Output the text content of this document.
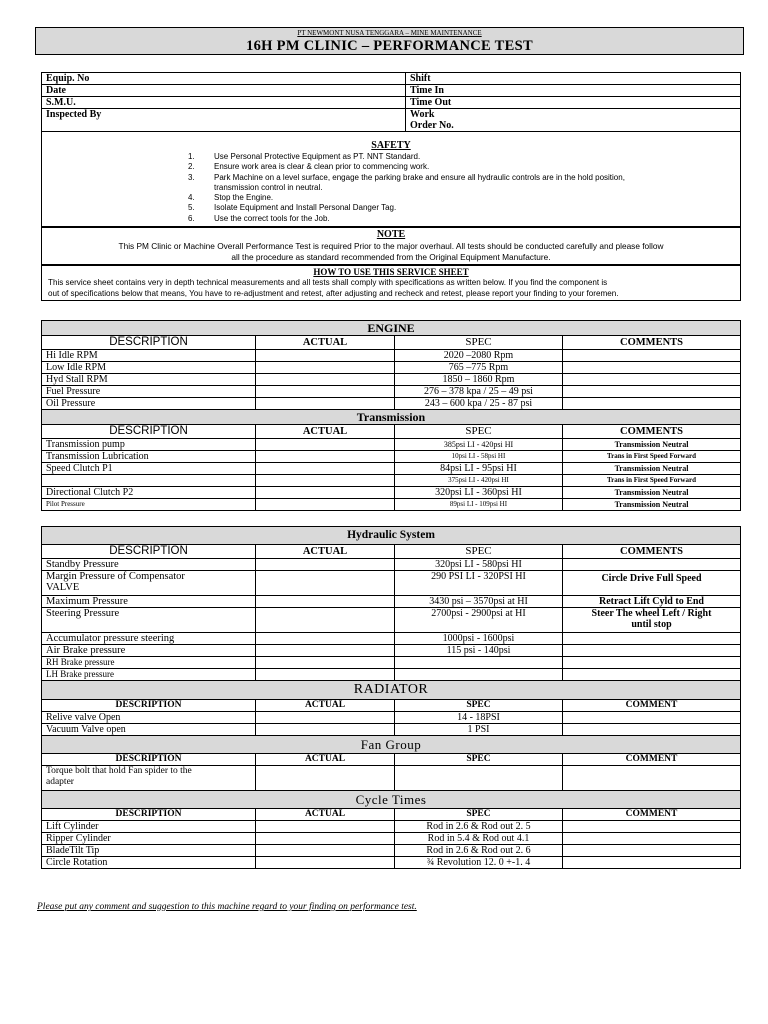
PT NEWMONT NUSA TENGGARA – MINE MAINTENANCE
16H PM CLINIC – PERFORMANCE TEST
Equip. No	Shift
Date	Time In
S.M.U.	Time Out
Inspected By	Work Order No.
SAFETY
1.	Use Personal Protective Equipment as PT. NNT Standard.
2.	Ensure work area is clear & clean prior to commencing work.
3.	Park Machine on a level surface, engage the parking brake and ensure all hydraulic controls are in the hold position,
transmission control in neutral.
4.	Stop the Engine.
5.	Isolate Equipment and Install Personal Danger Tag.
6.	Use the correct tools for the Job.
NOTE
This PM Clinic or Machine Overall Performance Test is required Prior to the major overhaul. All tests should be conducted carefully and please follow
all the procedure as standard recommended from the Original Equipment Manufacture.
HOW TO USE THIS SERVICE SHEET
This service sheet contains very in depth technical measurements and all tests shall comply with specifications as written below. If you find the component is
out of specifications below that means, You have to re-adjustment and retest, after adjusting and recheck and retest, please report your finding to your foremen.
ENGINE			
DESCRIPTION	ACTUAL	SPEC	COMMENTS
Hi Idle RPM		2020 –2080 Rpm	
Low Idle RPM		765 –775 Rpm	
Hyd Stall RPM		1850 – 1860 Rpm	
Fuel Pressure		276 – 378 kpa / 25 – 49 psi	
Oil Pressure		243 – 600 kpa / 25 - 87 psi	
Transmission			
DESCRIPTION	ACTUAL	SPEC	COMMENTS
Transmission pump		385psi LI - 420psi HI	Transmission Neutral
Transmission Lubrication		10psi LI - 58psi HI	Trans in First Speed Forward
Speed Clutch P1		84psi LI - 95psi HI	Transmission Neutral
		375psi LI - 420psi HI	Trans in First Speed Forward
Directional Clutch P2		320psi LI - 360psi HI	Transmission Neutral
Pilot Pressure		89psi LI - 109psi HI	Transmission Neutral
Hydraulic System			
DESCRIPTION	ACTUAL	SPEC	COMMENTS
Standby Pressure		320psi LI - 580psi HI	

Margin Pressure of Compensator
VALVE		290 PSI LI - 320PSI HI	Circle Drive Full Speed
Maximum Pressure		3430 psi – 3570psi at HI	Retract Lift Cyld to End
Steering Pressure		2700psi - 2900psi at HI	Steer The wheel Left / Right
until stop

Accumulator pressure steering		1000psi - 1600psi	
Air Brake pressure		115 psi - 140psi	
RH Brake pressure			
LH Brake pressure			
RADIATOR			
DESCRIPTION	ACTUAL	SPEC	COMMENT
Relive valve Open		14 - 18PSI	
Vacuum Valve open		1 PSI	
Fan Group			
DESCRIPTION	ACTUAL	SPEC	COMMENT

Torque bolt that hold Fan spider to the
adapter			

Cycle Times			
DESCRIPTION	ACTUAL	SPEC	COMMENT
Lift Cylinder		Rod in 2.6 & Rod out 2. 5	
Ripper Cylinder		Rod in 5.4 & Rod out 4.1	
BladeTilt Tip		Rod in 2.6 & Rod out 2. 6	
Circle Rotation		¾ Revolution 12. 0 +-1. 4	
Please put any comment and suggestion to this machine regard to your finding on performance test.
